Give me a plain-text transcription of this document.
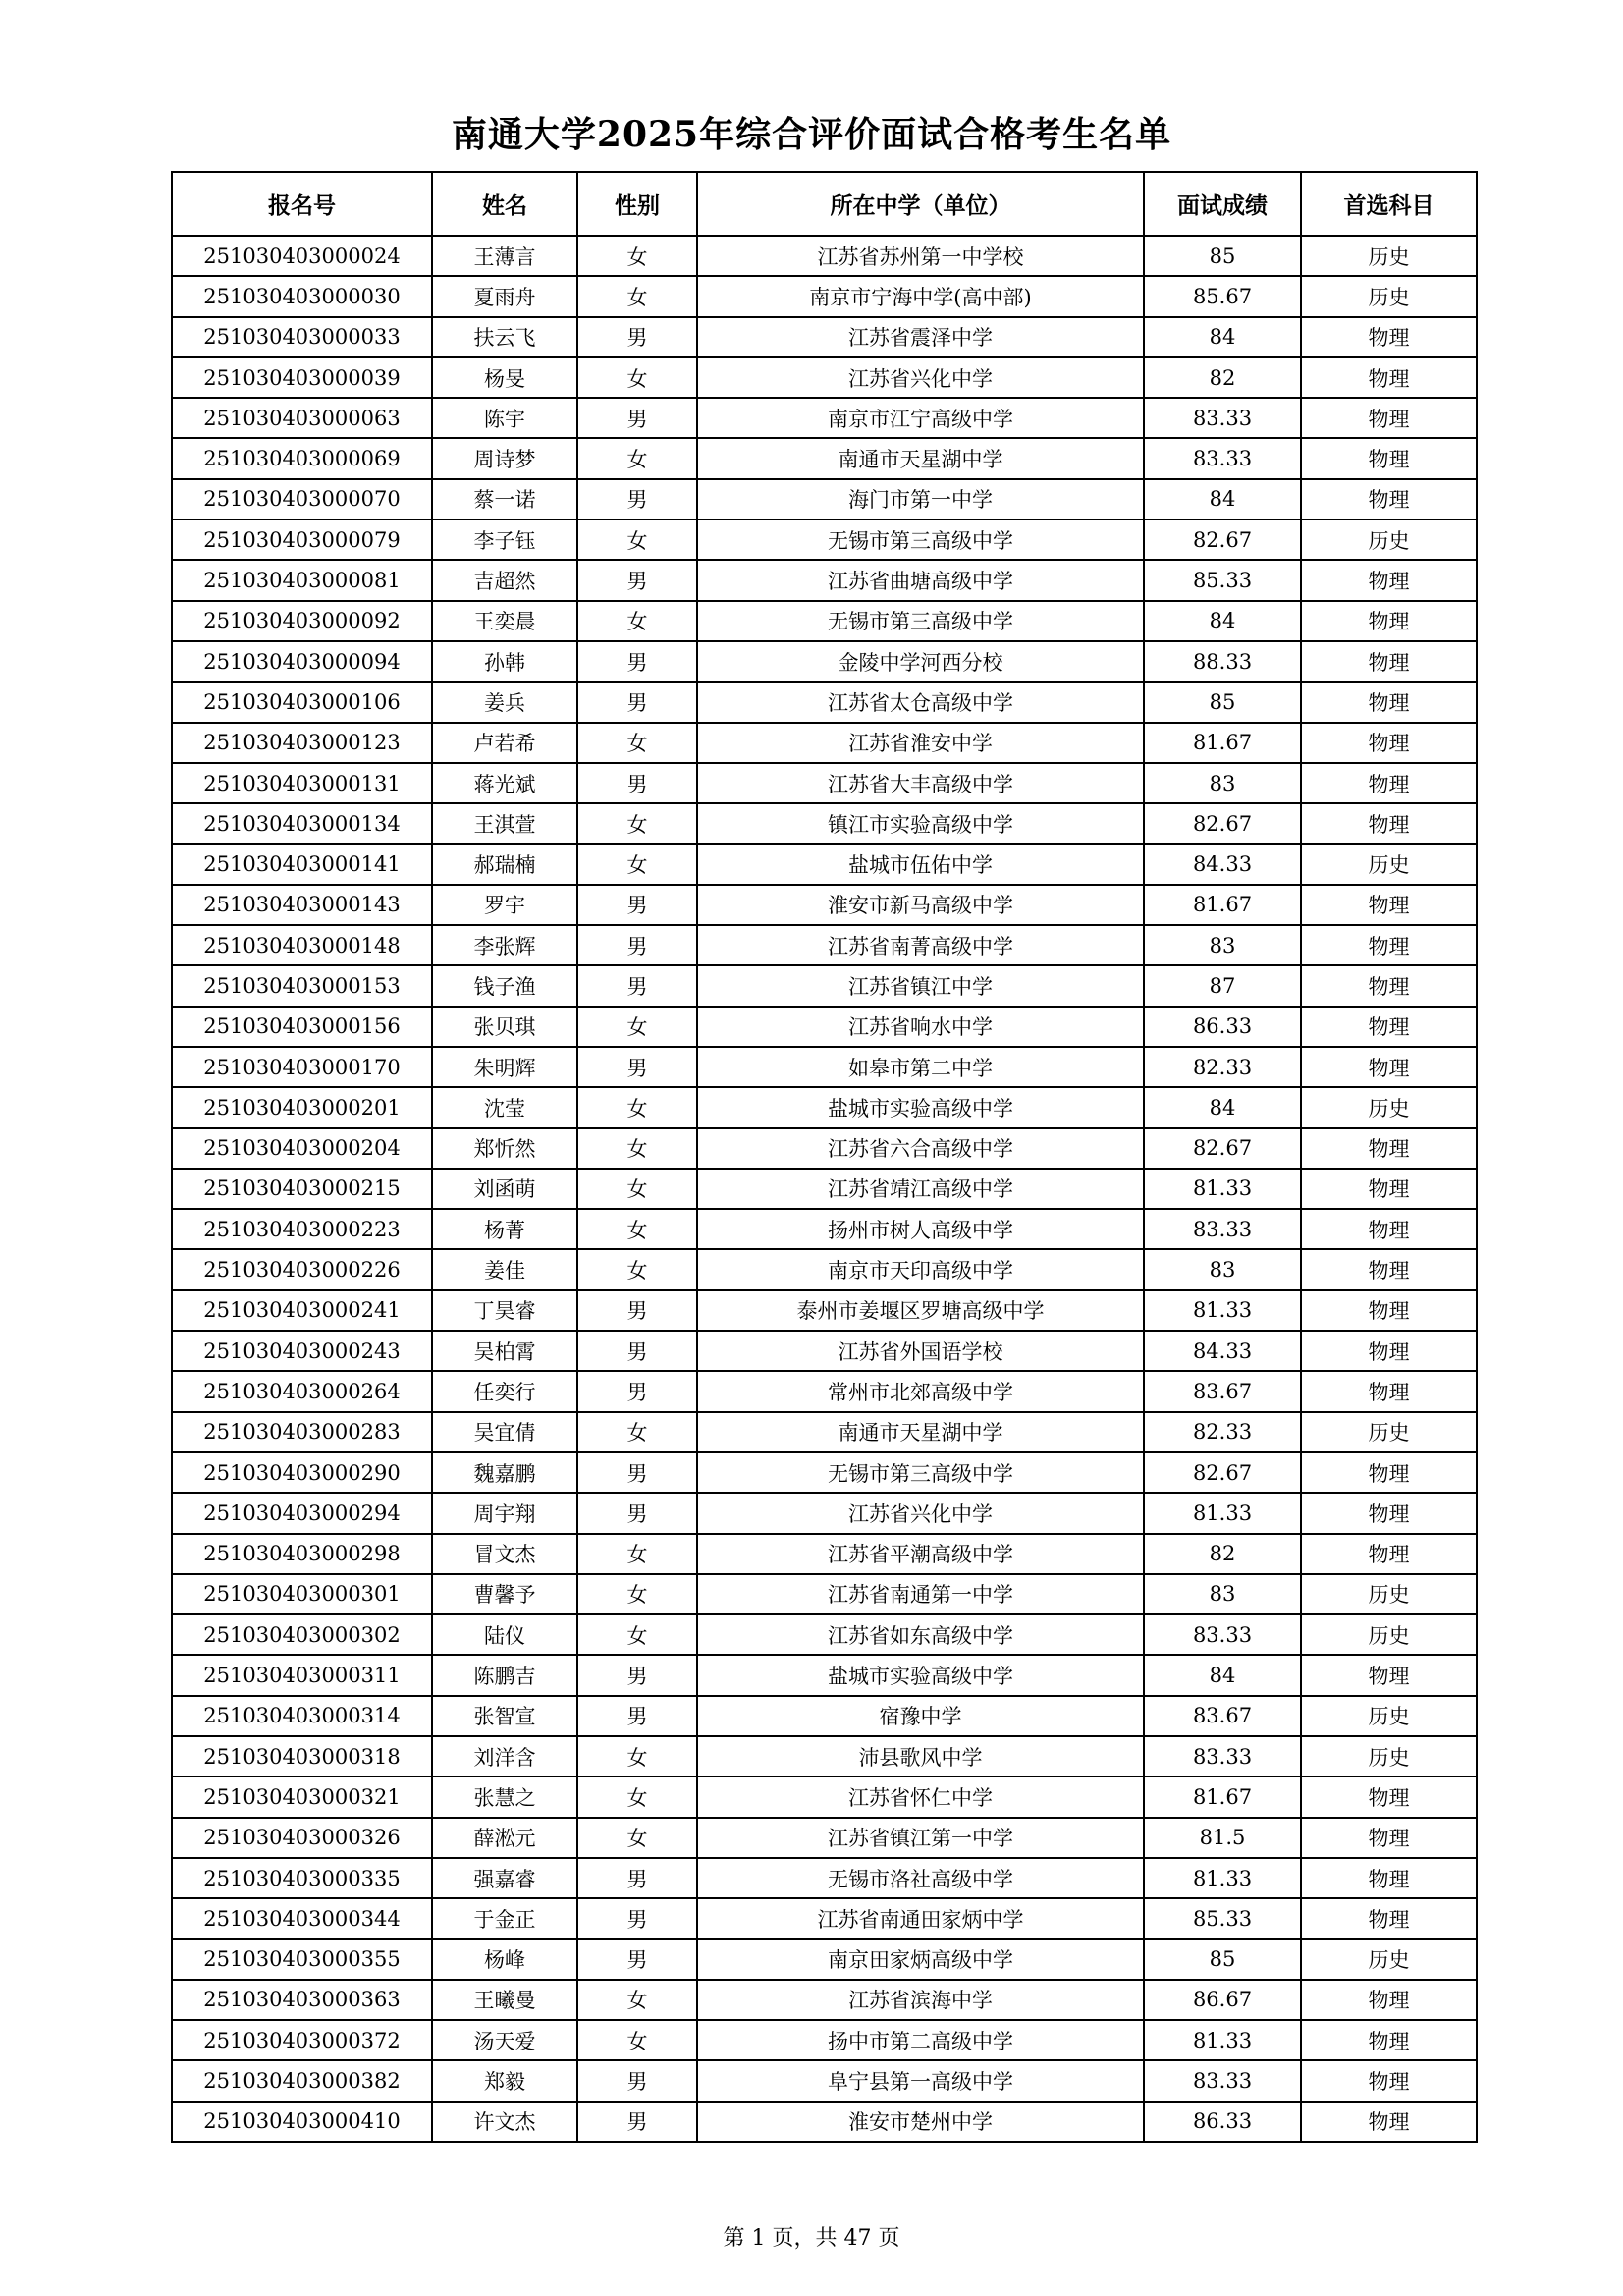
南通大学2025年综合评价面试合格考生名单
报名号	姓名	性别	所在中学（单位）	面试成绩	首选科目
251030403000024	王薄言	女	江苏省苏州第一中学校	85	历史
251030403000030	夏雨舟	女	南京市宁海中学(高中部)	85.67	历史
251030403000033	扶云飞	男	江苏省震泽中学	84	物理
251030403000039	杨旻	女	江苏省兴化中学	82	物理
251030403000063	陈宇	男	南京市江宁高级中学	83.33	物理
251030403000069	周诗梦	女	南通市天星湖中学	83.33	物理
251030403000070	蔡一诺	男	海门市第一中学	84	物理
251030403000079	李子钰	女	无锡市第三高级中学	82.67	历史
251030403000081	吉超然	男	江苏省曲塘高级中学	85.33	物理
251030403000092	王奕晨	女	无锡市第三高级中学	84	物理
251030403000094	孙韩	男	金陵中学河西分校	88.33	物理
251030403000106	姜兵	男	江苏省太仓高级中学	85	物理
251030403000123	卢若希	女	江苏省淮安中学	81.67	物理
251030403000131	蒋光斌	男	江苏省大丰高级中学	83	物理
251030403000134	王淇萱	女	镇江市实验高级中学	82.67	物理
251030403000141	郝瑞楠	女	盐城市伍佑中学	84.33	历史
251030403000143	罗宇	男	淮安市新马高级中学	81.67	物理
251030403000148	李张辉	男	江苏省南菁高级中学	83	物理
251030403000153	钱子渔	男	江苏省镇江中学	87	物理
251030403000156	张贝琪	女	江苏省响水中学	86.33	物理
251030403000170	朱明辉	男	如皋市第二中学	82.33	物理
251030403000201	沈莹	女	盐城市实验高级中学	84	历史
251030403000204	郑忻然	女	江苏省六合高级中学	82.67	物理
251030403000215	刘函萌	女	江苏省靖江高级中学	81.33	物理
251030403000223	杨菁	女	扬州市树人高级中学	83.33	物理
251030403000226	姜佳	女	南京市天印高级中学	83	物理
251030403000241	丁昊睿	男	泰州市姜堰区罗塘高级中学	81.33	物理
251030403000243	吴柏霄	男	江苏省外国语学校	84.33	物理
251030403000264	任奕行	男	常州市北郊高级中学	83.67	物理
251030403000283	吴宜倩	女	南通市天星湖中学	82.33	历史
251030403000290	魏嘉鹏	男	无锡市第三高级中学	82.67	物理
251030403000294	周宇翔	男	江苏省兴化中学	81.33	物理
251030403000298	冒文杰	女	江苏省平潮高级中学	82	物理
251030403000301	曹馨予	女	江苏省南通第一中学	83	历史
251030403000302	陆仪	女	江苏省如东高级中学	83.33	历史
251030403000311	陈鹏吉	男	盐城市实验高级中学	84	物理
251030403000314	张智宣	男	宿豫中学	83.67	历史
251030403000318	刘洋含	女	沛县歌风中学	83.33	历史
251030403000321	张慧之	女	江苏省怀仁中学	81.67	物理
251030403000326	薛淞元	女	江苏省镇江第一中学	81.5	物理
251030403000335	强嘉睿	男	无锡市洛社高级中学	81.33	物理
251030403000344	于金正	男	江苏省南通田家炳中学	85.33	物理
251030403000355	杨峰	男	南京田家炳高级中学	85	历史
251030403000363	王曦曼	女	江苏省滨海中学	86.67	物理
251030403000372	汤天爱	女	扬中市第二高级中学	81.33	物理
251030403000382	郑毅	男	阜宁县第一高级中学	83.33	物理
251030403000410	许文杰	男	淮安市楚州中学	86.33	物理
第 1 页，共 47 页
